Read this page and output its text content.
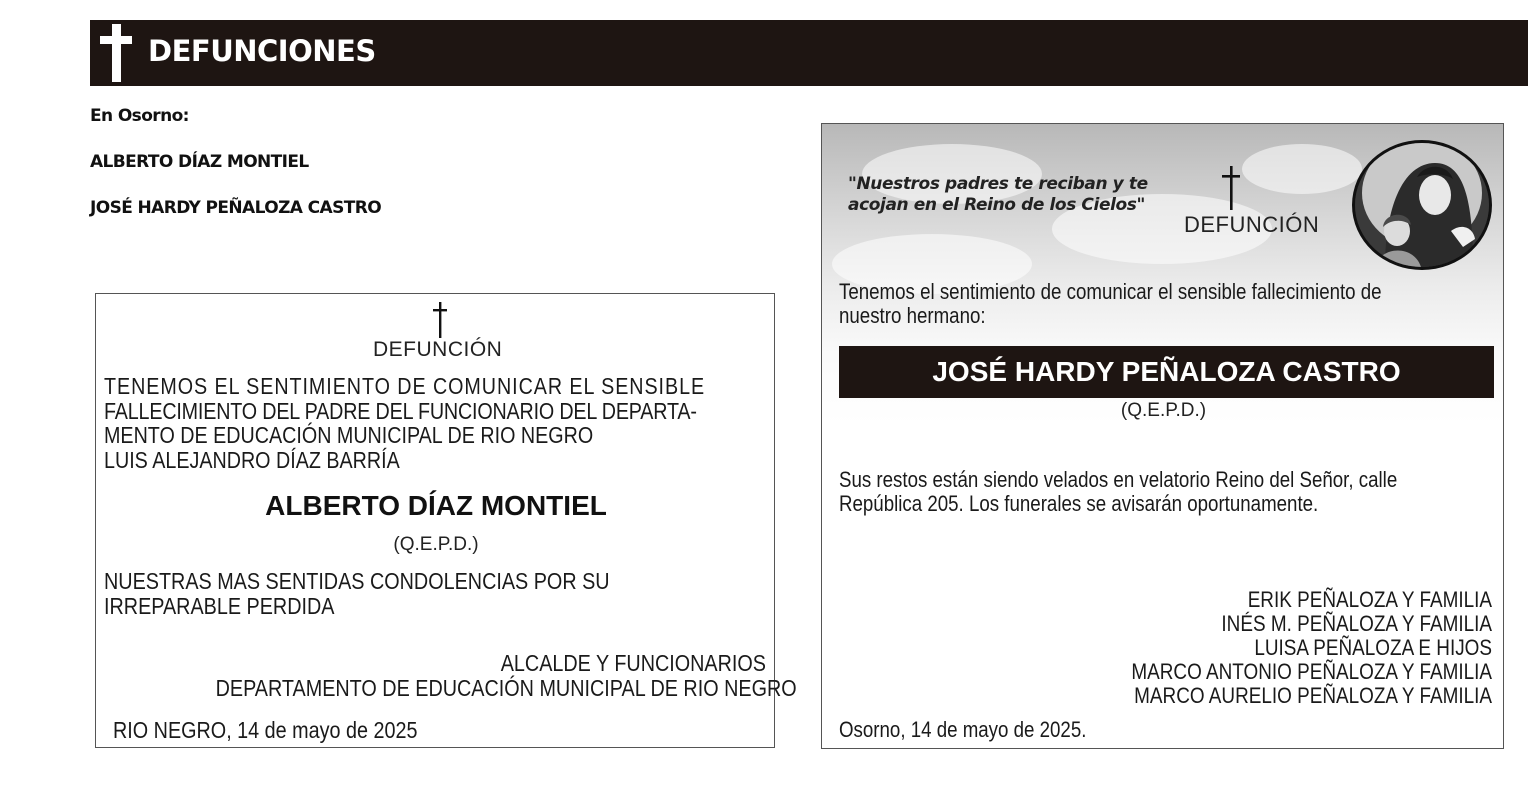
DEFUNCIONES
En Osorno:
ALBERTO DÍAZ MONTIEL
JOSÉ HARDY PEÑALOZA CASTRO
DEFUNCIÓN
TENEMOS EL SENTIMIENTO DE COMUNICAR EL SENSIBLE
FALLECIMIENTO DEL PADRE DEL FUNCIONARIO DEL DEPARTA-
MENTO DE EDUCACIÓN MUNICIPAL DE RIO NEGRO
LUIS ALEJANDRO DÍAZ BARRÍA
ALBERTO DÍAZ MONTIEL
(Q.E.P.D.)
NUESTRAS MAS SENTIDAS CONDOLENCIAS POR SU
IRREPARABLE PERDIDA
ALCALDE Y FUNCIONARIOS
DEPARTAMENTO DE EDUCACIÓN MUNICIPAL DE RIO NEGRO
RIO NEGRO, 14 de mayo de 2025
"Nuestros padres te reciban y te
acojan en el Reino de los Cielos"
DEFUNCIÓN
Tenemos el sentimiento de comunicar el sensible fallecimiento de
nuestro hermano:
JOSÉ HARDY PEÑALOZA CASTRO
(Q.E.P.D.)
Sus restos están siendo velados en velatorio Reino del Señor, calle
República 205. Los funerales se avisarán oportunamente.
ERIK PEÑALOZA Y FAMILIA
INÉS M. PEÑALOZA Y FAMILIA
LUISA PEÑALOZA E HIJOS
MARCO ANTONIO PEÑALOZA Y FAMILIA
MARCO AURELIO PEÑALOZA Y FAMILIA
Osorno, 14 de mayo de 2025.
